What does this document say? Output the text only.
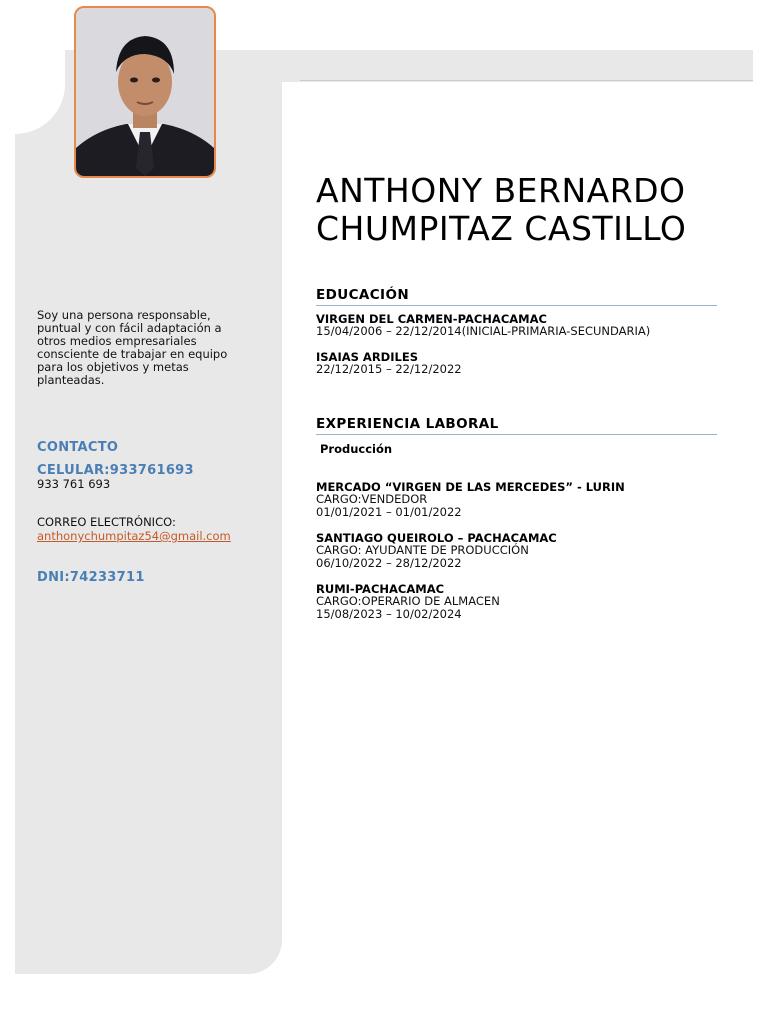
Soy una persona responsable,
puntual y con fácil adaptación a
otros medios empresariales
consciente de trabajar en equipo
para los objetivos y metas
planteadas.
CONTACTO
CELULAR:933761693
933 761 693
CORREO ELECTRÓNICO:
anthonychumpitaz54@gmail.com
DNI:74233711
ANTHONY BERNARDO
CHUMPITAZ CASTILLO
EDUCACIÓN
VIRGEN DEL CARMEN-PACHACAMAC
15/04/2006 – 22/12/2014(INICIAL-PRIMARIA-SECUNDARIA)
ISAIAS ARDILES
22/12/2015 – 22/12/2022
EXPERIENCIA LABORAL
Producción
MERCADO “VIRGEN DE LAS MERCEDES” - LURIN
CARGO:VENDEDOR
01/01/2021 – 01/01/2022
SANTIAGO QUEIROLO – PACHACAMAC
CARGO: AYUDANTE DE PRODUCCIÓN
06/10/2022 – 28/12/2022
RUMI-PACHACAMAC
CARGO:OPERARIO DE ALMACEN
15/08/2023 – 10/02/2024
